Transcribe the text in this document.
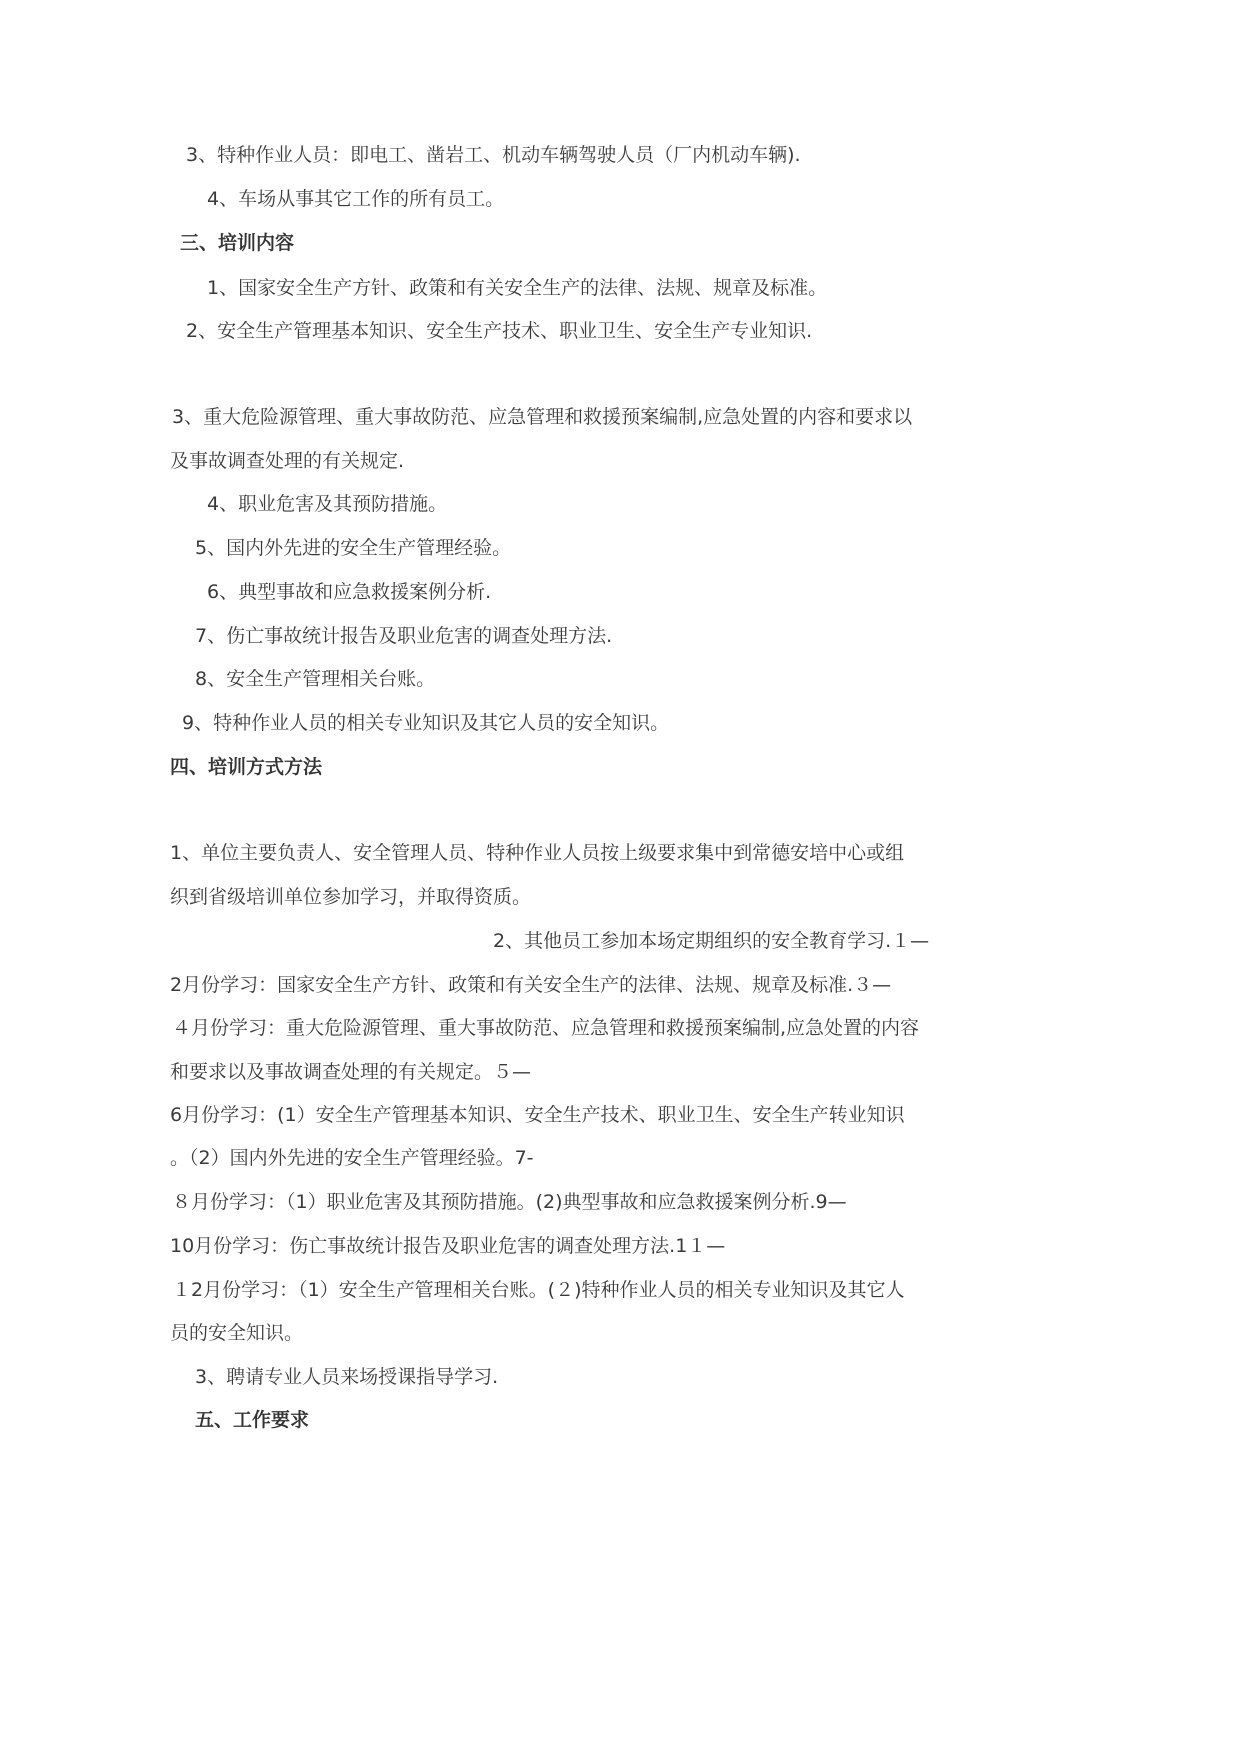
3、特种作业人员：即电工、凿岩工、机动车辆驾驶人员（厂内机动车辆).
4、车场从事其它工作的所有员工。
三、培训内容
1、国家安全生产方针、政策和有关安全生产的法律、法规、规章及标准。
2、安全生产管理基本知识、安全生产技术、职业卫生、安全生产专业知识.
3、重大危险源管理、重大事故防范、应急管理和救援预案编制,应急处置的内容和要求以
及事故调查处理的有关规定.
4、职业危害及其预防措施。
5、国内外先进的安全生产管理经验。
6、典型事故和应急救援案例分析.
7、伤亡事故统计报告及职业危害的调查处理方法.
8、安全生产管理相关台账。
9、特种作业人员的相关专业知识及其它人员的安全知识。
四、培训方式方法
1、单位主要负责人、安全管理人员、特种作业人员按上级要求集中到常德安培中心或组
织到省级培训单位参加学习，并取得资质。
2、其他员工参加本场定期组织的安全教育学习.１—
2月份学习：国家安全生产方针、政策和有关安全生产的法律、法规、规章及标准.３—
４月份学习：重大危险源管理、重大事故防范、应急管理和救援预案编制,应急处置的内容
和要求以及事故调查处理的有关规定。５—
6月份学习：(1）安全生产管理基本知识、安全生产技术、职业卫生、安全生产转业知识
。（2）国内外先进的安全生产管理经验。7-
８月份学习：（1）职业危害及其预防措施。(2)典型事故和应急救援案例分析.9—
10月份学习：伤亡事故统计报告及职业危害的调查处理方法.1１—
１2月份学习：（1）安全生产管理相关台账。(２)特种作业人员的相关专业知识及其它人
员的安全知识。
3、聘请专业人员来场授课指导学习.
五、工作要求
